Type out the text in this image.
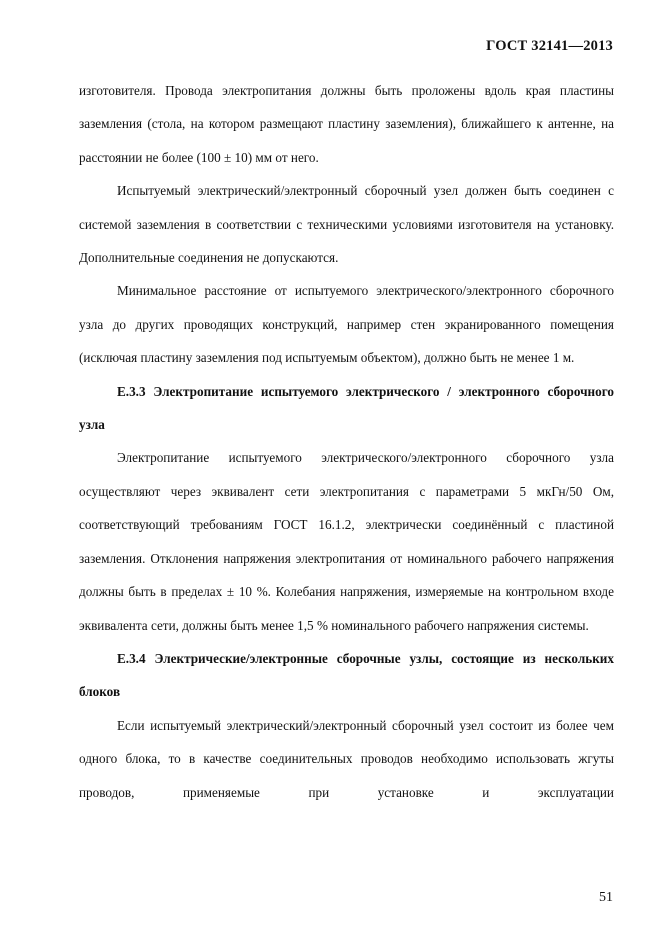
ГОСТ 32141—2013

изготовителя. Провода электропитания должны быть проложены вдоль края пластины заземления (стола, на котором размещают пластину заземления), ближайшего к антенне, на расстоянии не более (100 ± 10) мм от него.

Испытуемый электрический/электронный сборочный узел должен быть соединен с системой заземления в соответствии с техническими условиями изготовителя на установку. Дополнительные соединения не допускаются.

Минимальное расстояние от испытуемого электрического/электронного сборочного узла до других проводящих конструкций, например стен экранированного помещения (исключая пластину заземления под испытуемым объектом), должно быть не менее 1 м.

Е.3.3 Электропитание испытуемого электрического / электронного сборочного узла

Электропитание испытуемого электрического/электронного сборочного узла осуществляют через эквивалент сети электропитания с параметрами 5 мкГн/50 Ом, соответствующий требованиям ГОСТ 16.1.2, электрически соединённый с пластиной заземления. Отклонения напряжения электропитания от номинального рабочего напряжения должны быть в пределах ± 10 %. Колебания напряжения, измеряемые на контрольном входе эквивалента сети, должны быть менее 1,5 % номинального рабочего напряжения системы.

Е.3.4 Электрические/электронные сборочные узлы, состоящие из нескольких блоков

Если испытуемый электрический/электронный сборочный узел состоит из более чем одного блока, то в качестве соединительных проводов необходимо использовать жгуты проводов, применяемые при установке и эксплуатации

51
